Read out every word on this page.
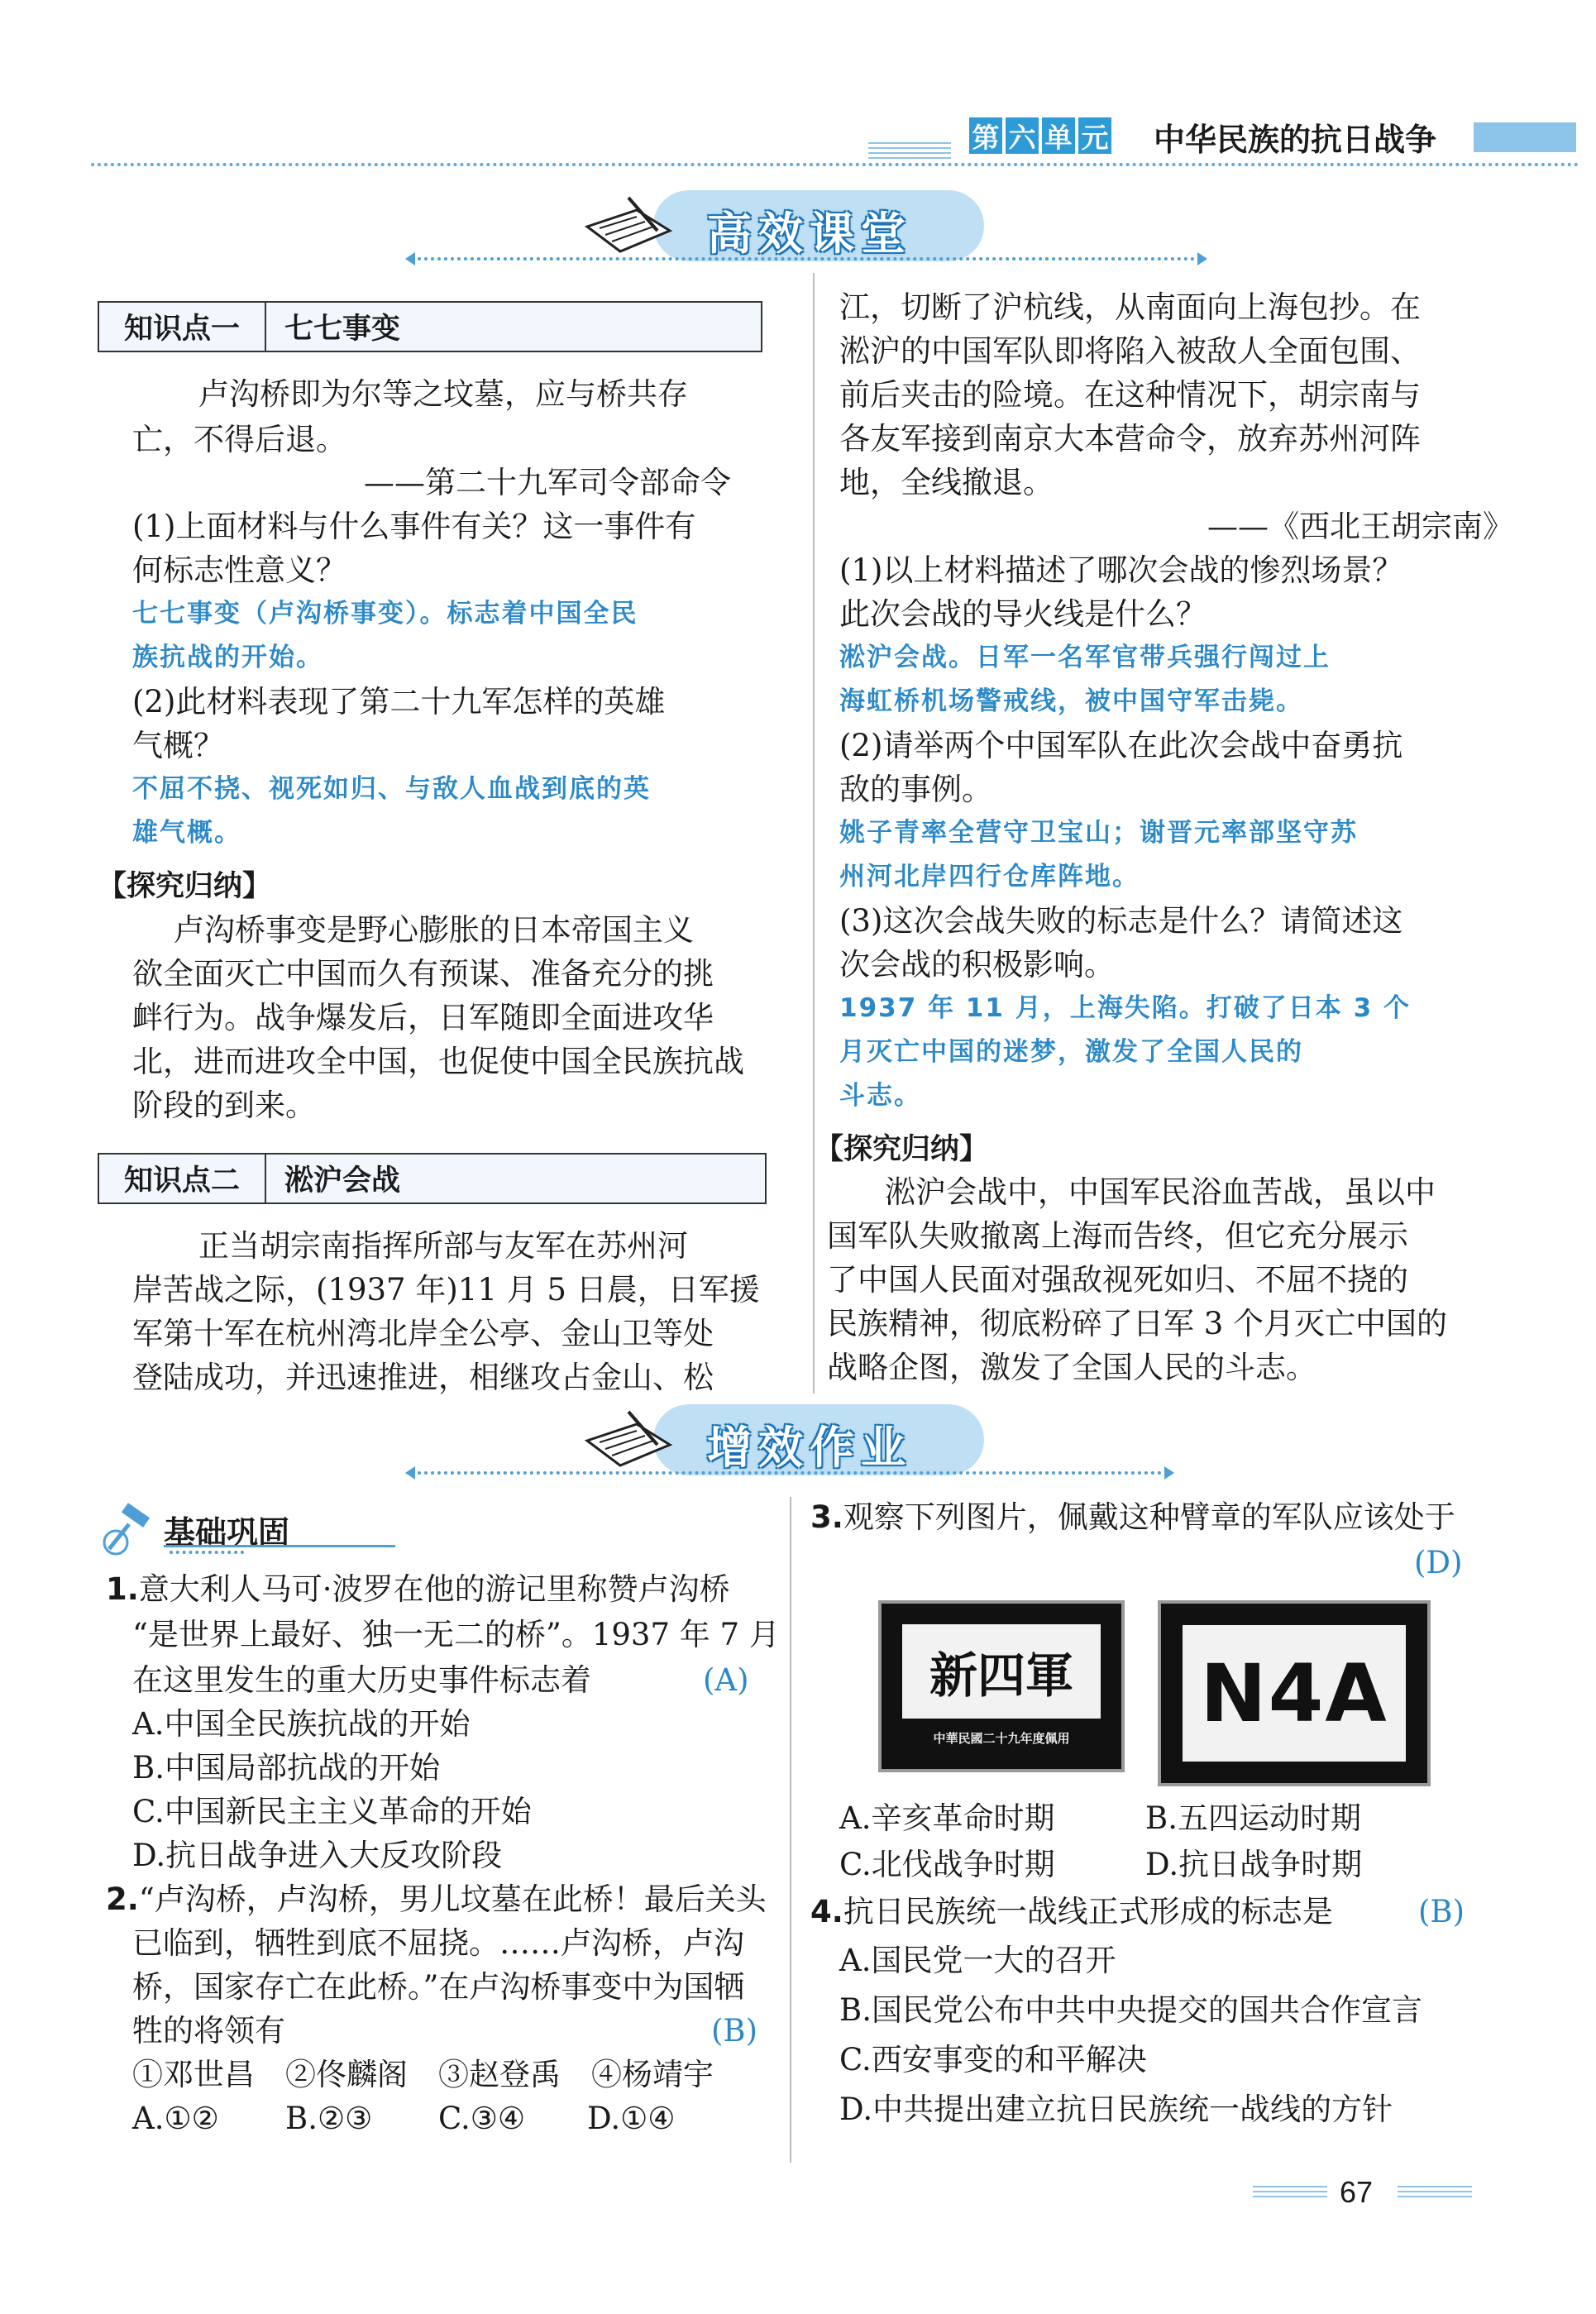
第 六 单 元 中华民族的抗日战争
高效课堂
知识点一	七七事变
卢沟桥即为尔等之坟墓，应与桥共存
亡，不得后退。
——第二十九军司令部命令
(1)上面材料与什么事件有关？这一事件有
何标志性意义？
七七事变（卢沟桥事变）。标志着中国全民
族抗战的开始。
(2)此材料表现了第二十九军怎样的英雄
气概？
不屈不挠、视死如归、与敌人血战到底的英
雄气概。
【探究归纳】
卢沟桥事变是野心膨胀的日本帝国主义
欲全面灭亡中国而久有预谋、准备充分的挑
衅行为。战争爆发后，日军随即全面进攻华
北，进而进攻全中国，也促使中国全民族抗战
阶段的到来。
知识点二	淞沪会战
正当胡宗南指挥所部与友军在苏州河
岸苦战之际，(1937 年)11 月 5 日晨，日军援
军第十军在杭州湾北岸全公亭、金山卫等处
登陆成功，并迅速推进，相继攻占金山、松
江，切断了沪杭线，从南面向上海包抄。在
淞沪的中国军队即将陷入被敌人全面包围、
前后夹击的险境。在这种情况下，胡宗南与
各友军接到南京大本营命令，放弃苏州河阵
地，全线撤退。
——《西北王胡宗南》
(1)以上材料描述了哪次会战的惨烈场景？
此次会战的导火线是什么？
淞沪会战。日军一名军官带兵强行闯过上
海虹桥机场警戒线，被中国守军击毙。
(2)请举两个中国军队在此次会战中奋勇抗
敌的事例。
姚子青率全营守卫宝山；谢晋元率部坚守苏
州河北岸四行仓库阵地。
(3)这次会战失败的标志是什么？请简述这
次会战的积极影响。
1937 年 11 月，上海失陷。打破了日本 3 个
月灭亡中国的迷梦，激发了全国人民的
斗志。
【探究归纳】
淞沪会战中，中国军民浴血苦战，虽以中
国军队失败撤离上海而告终，但它充分展示
了中国人民面对强敌视死如归、不屈不挠的
民族精神，彻底粉碎了日军 3 个月灭亡中国的
战略企图，激发了全国人民的斗志。
增效作业
基础巩固
1.意大利人马可·波罗在他的游记里称赞卢沟桥
“是世界上最好、独一无二的桥”。1937 年 7 月
在这里发生的重大历史事件标志着	(A)
A.中国全民族抗战的开始
B.中国局部抗战的开始
C.中国新民主主义革命的开始
D.抗日战争进入大反攻阶段
2.“卢沟桥，卢沟桥，男儿坟墓在此桥！最后关头
已临到，牺牲到底不屈挠。……卢沟桥，卢沟
桥，国家存亡在此桥。”在卢沟桥事变中为国牺
牲的将领有	(B)
①邓世昌　②佟麟阁　③赵登禹　④杨靖宇
A.①② B.②③ C.③④ D.①④
3.观察下列图片，佩戴这种臂章的军队应该处于
(D)
新四軍
中華民國二十九年度佩用	N4A
A.辛亥革命时期	B.五四运动时期
C.北伐战争时期	D.抗日战争时期
4.抗日民族统一战线正式形成的标志是	(B)
A.国民党一大的召开
B.国民党公布中共中央提交的国共合作宣言
C.西安事变的和平解决
D.中共提出建立抗日民族统一战线的方针
67
